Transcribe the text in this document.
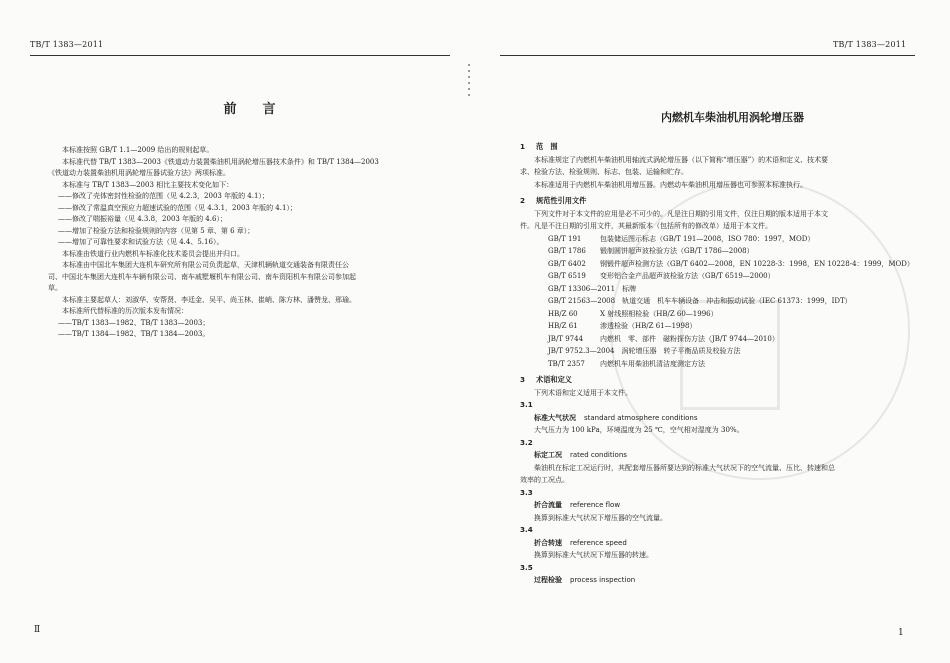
TB/T 1383—2011
前言

本标准按照 GB/T 1.1—2009 给出的规则起草。

本标准代替 TB/T 1383—2003《铁道动力装置柴油机用涡轮增压器技术条件》和 TB/T 1384—2003

《铁道动力装置柴油机用涡轮增压器试验方法》两项标准。

本标准与 TB/T 1383—2003 相比主要技术变化如下：

——修改了壳体密封性检验的范围（见 4.2.3，2003 年版的 4.1）；

——修改了常温真空预应力超速试验的范围（见 4.3.1，2003 年版的 4.1）；

——修改了喘振裕量（见 4.3.8，2003 年版的 4.6）；

——增加了检验方法和检验规则的内容（见第 5 章、第 6 章）；

——增加了可靠性要求和试验方法（见 4.4、5.16）。

本标准由铁道行业内燃机车标准化技术委员会提出并归口。

本标准由中国北车集团大连机车研究所有限公司负责起草，天津机辆轨道交通装备有限责任公

司、中国北车集团大连机车车辆有限公司、南车戚墅堰机车有限公司、南车资阳机车有限公司参加起

草。

本标准主要起草人：刘淑华、安帮贤、李廷金、吴平、尚玉林、崔峭、陈方林、潘赞龙、邢瑜。

本标准所代替标准的历次版本发布情况：

——TB/T 1383—1982、TB/T 1383—2003；

——TB/T 1384—1982、TB/T 1384—2003。

Ⅱ
TB/T 1383—2011
内燃机车柴油机用涡轮增压器

1 范　围

本标准规定了内燃机车柴油机用轴流式涡轮增压器（以下简称“增压器”）的术语和定义、技术要

求、检验方法、检验规则、标志、包装、运输和贮存。

本标准适用于内燃机车柴油机用增压器。内燃动车柴油机用增压器也可参照本标准执行。

2 规范性引用文件

下列文件对于本文件的应用是必不可少的。凡是注日期的引用文件，仅注日期的版本适用于本文

件。凡是不注日期的引用文件，其最新版本（包括所有的修改单）适用于本文件。

GB/T 191	包装储运图示标志（GB/T 191—2008，ISO 780：1997，MOD）

GB/T 1786 锻制圆饼超声波检验方法（GB/T 1786—2008）

GB/T 6402 钢锻件超声检测方法（GB/T 6402—2008，EN 10228-3：1998，EN 10228-4：1999，MOD）

GB/T 6519 变形铝合金产品超声波检验方法（GB/T 6519—2000）

GB/T 13306—2011　 标牌

GB/T 21563—2008　 轨道交通　机车车辆设备　冲击和振动试验（IEC 61373：1999，IDT）

HB/Z 60	X 射线照相检验（HB/Z 60—1996）

HB/Z 61	渗透检验（HB/Z 61—1998）

JB/T 9744 内燃机　零、部件　磁粉探伤方法（JB/T 9744—2010）

JB/T 9752.3—2004　 涡轮增压器　转子平衡品质及校验方法

TB/T 2357 内燃机车用柴油机清洁度测定方法

3 术语和定义

下列术语和定义适用于本文件。

3.1

标准大气状况 standard atmosphere conditions

大气压力为 100 kPa，环境温度为 25 ℃，空气相对湿度为 30%。

3.2

标定工况 rated conditions

柴油机在标定工况运行时，其配套增压器所要达到的标准大气状况下的空气流量、压比、转速和总

效率的工况点。

3.3

折合流量 reference flow

换算到标准大气状况下增压器的空气流量。

3.4

折合转速 reference speed

换算到标准大气状况下增压器的转速。

3.5

过程检验 process inspection

1
